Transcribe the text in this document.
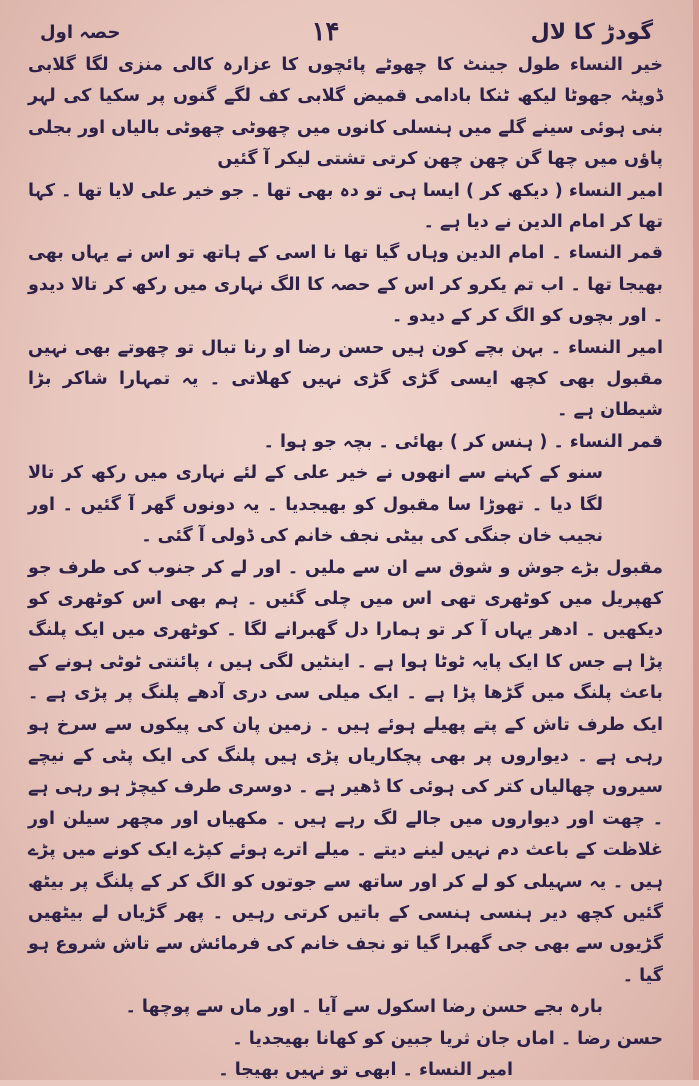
گودڑ کا لال
۱۴
حصہ اول

خیر النساء طول جینٹ کا چھوٹے پائچوں کا عزارہ کالی منزی لگا گلابی ڈوپٹہ جھوٹا لیکھ ٹنکا بادامی قمیض گلابی کف لگے گنوں پر سکیا کی لہر بنی ہوئی سینے گلے میں ہنسلی کانوں میں چھوٹی چھوٹی بالیاں اور بجلی پاؤں میں چھا گن چھن چھن کرتی تشتی لیکر آ گئیں

امیر النساء ( دیکھ کر ) ایسا ہی تو دہ بھی تھا ۔ جو خیر علی لایا تھا ۔ کہا تھا کر امام الدین نے دیا ہے ۔

قمر النساء ۔ امام الدین وہاں گیا تھا نا اسی کے ہاتھ تو اس نے یہاں بھی بھیجا تھا ۔ اب تم یکرو کر اس کے حصہ کا الگ نہاری میں رکھ کر تالا دیدو ۔ اور بچوں کو الگ کر کے دیدو ۔

امیر النساء ۔ بہن بچے کون ہیں حسن رضا او رنا تبال تو چھوتے بھی نہیں مقبول بھی کچھ ایسی گڑی گڑی نہیں کھلاتی ۔ یہ تمہارا شاکر بڑا شیطان ہے ۔

قمر النساء ۔ ( ہنس کر ) بھائی ۔ بچہ جو ہوا ۔

سنو کے کہنے سے انھوں نے خیر علی کے لئے نہاری میں رکھ کر تالا لگا دیا ۔ تھوڑا سا مقبول کو بھیجدیا ۔ یہ دونوں گھر آ گئیں ۔ اور نجیب خان جنگی کی بیٹی نجف خانم کی ڈولی آ گئی ۔

مقبول بڑے جوش و شوق سے ان سے ملیں ۔ اور لے کر جنوب کی طرف جو کھپریل میں کوٹھری تھی اس میں چلی گئیں ۔ ہم بھی اس کوٹھری کو دیکھیں ۔ ادھر یہاں آ کر تو ہمارا دل گھبرانے لگا ۔ کوٹھری میں ایک پلنگ پڑا ہے جس کا ایک پایہ ٹوٹا ہوا ہے ۔ اینٹیں لگی ہیں ، پائنتی ٹوٹی ہونے کے باعث پلنگ میں گڑھا پڑا ہے ۔ ایک میلی سی دری آدھے پلنگ پر پڑی ہے ۔ ایک طرف تاش کے پتے پھیلے ہوئے ہیں ۔ زمین پان کی پیکوں سے سرخ ہو رہی ہے ۔ دیواروں پر بھی پچکاریاں پڑی ہیں پلنگ کی ایک پٹی کے نیچے سیروں چھالیاں کتر کی ہوئی کا ڈھیر ہے ۔ دوسری طرف کیچڑ ہو رہی ہے ۔ چھت اور دیواروں میں جالے لگ رہے ہیں ۔ مکھیاں اور مچھر سیلن اور غلاظت کے باعث دم نہیں لینے دیتے ۔ میلے اترے ہوئے کپڑے ایک کونے میں پڑے ہیں ۔ یہ سہیلی کو لے کر اور ساتھ سے جوتوں کو الگ کر کے پلنگ پر بیٹھ گئیں کچھ دیر ہنسی ہنسی کے باتیں کرتی رہیں ۔ پھر گڑیاں لے بیٹھیں گڑیوں سے بھی جی گھبرا گیا تو نجف خانم کی فرمائش سے تاش شروع ہو گیا ۔

بارہ بجے حسن رضا اسکول سے آیا ۔ اور ماں سے پوچھا ۔

حسن رضا ۔ اماں جان ثریا جبین کو کھانا بھیجدیا ۔

امیر النساء ۔ ابھی تو نہیں بھیجا ۔
